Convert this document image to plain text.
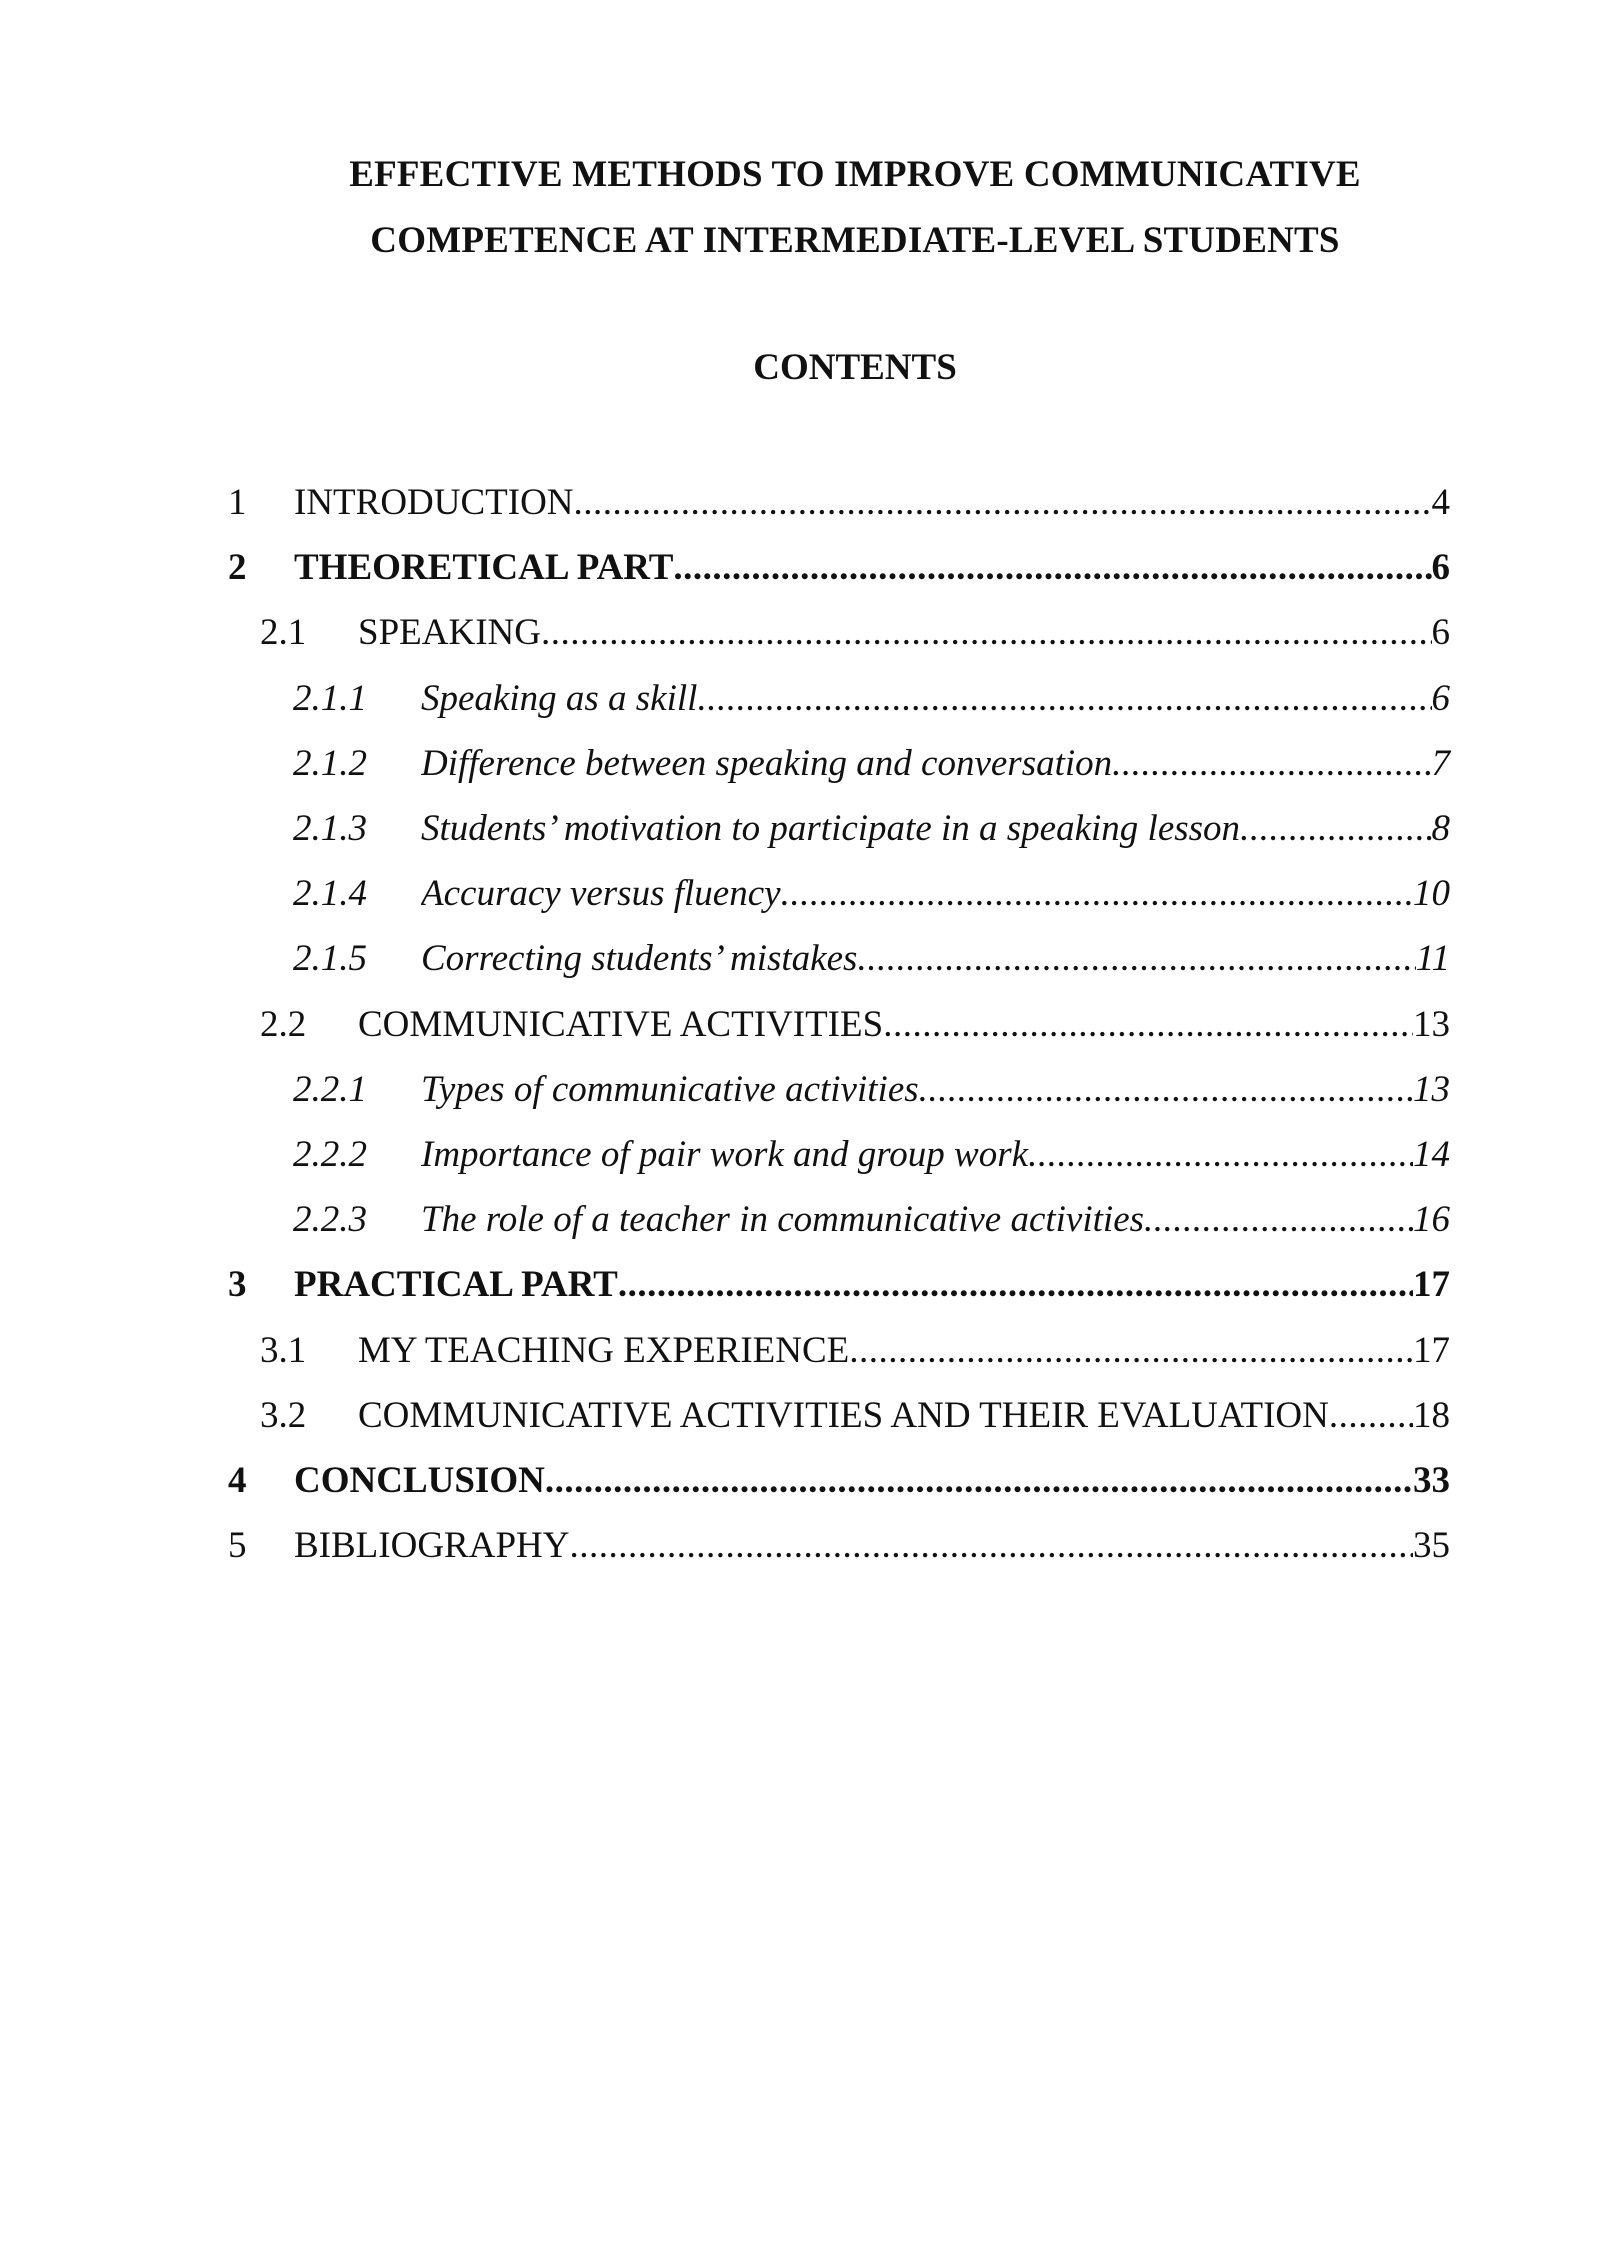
EFFECTIVE METHODS TO IMPROVE COMMUNICATIVE
COMPETENCE AT INTERMEDIATE-LEVEL STUDENTS
CONTENTS
1	INTRODUCTION .....	4
2	THEORETICAL PART .....	6
2.1	SPEAKING .....	6
2.1.1	Speaking as a skill .....	6
2.1.2	Difference between speaking and conversation .....	7
2.1.3	Students’ motivation to participate in a speaking lesson .....	8
2.1.4	Accuracy versus fluency .....	10
2.1.5	Correcting students’ mistakes .....	11
2.2	COMMUNICATIVE ACTIVITIES .....	13
2.2.1	Types of communicative activities .....	13
2.2.2	Importance of pair work and group work .....	14
2.2.3	The role of a teacher in communicative activities .....	16
3	PRACTICAL PART .....	17
3.1	MY TEACHING EXPERIENCE .....	17
3.2	COMMUNICATIVE ACTIVITIES AND THEIR EVALUATION ..... 18
4	CONCLUSION .....	33
5	BIBLIOGRAPHY .....	35
